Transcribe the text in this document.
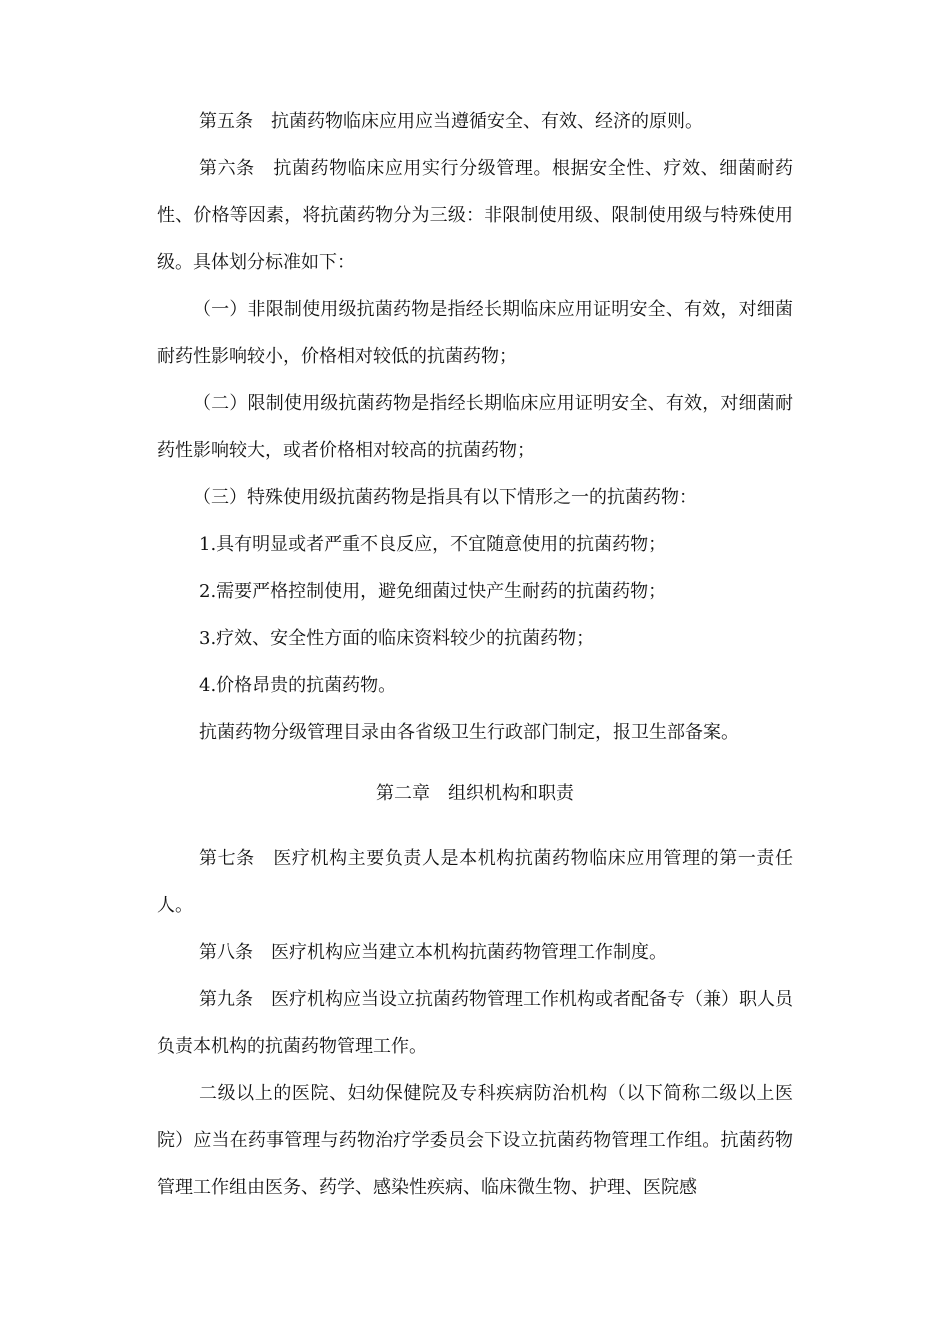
第五条 抗菌药物临床应用应当遵循安全、有效、经济的原则。

第六条 抗菌药物临床应用实行分级管理。根据安全性、疗效、细菌耐药性、价格等因素，将抗菌药物分为三级：非限制使用级、限制使用级与特殊使用级。具体划分标准如下：

（一）非限制使用级抗菌药物是指经长期临床应用证明安全、有效，对细菌耐药性影响较小，价格相对较低的抗菌药物；

（二）限制使用级抗菌药物是指经长期临床应用证明安全、有效，对细菌耐药性影响较大，或者价格相对较高的抗菌药物；

（三）特殊使用级抗菌药物是指具有以下情形之一的抗菌药物：

1.具有明显或者严重不良反应，不宜随意使用的抗菌药物；

2.需要严格控制使用，避免细菌过快产生耐药的抗菌药物；

3.疗效、安全性方面的临床资料较少的抗菌药物；

4.价格昂贵的抗菌药物。

抗菌药物分级管理目录由各省级卫生行政部门制定，报卫生部备案。

第二章 组织机构和职责

第七条 医疗机构主要负责人是本机构抗菌药物临床应用管理的第一责任人。

第八条 医疗机构应当建立本机构抗菌药物管理工作制度。

第九条 医疗机构应当设立抗菌药物管理工作机构或者配备专（兼）职人员负责本机构的抗菌药物管理工作。

二级以上的医院、妇幼保健院及专科疾病防治机构（以下简称二级以上医院）应当在药事管理与药物治疗学委员会下设立抗菌药物管理工作组。抗菌药物管理工作组由医务、药学、感染性疾病、临床微生物、护理、医院感
